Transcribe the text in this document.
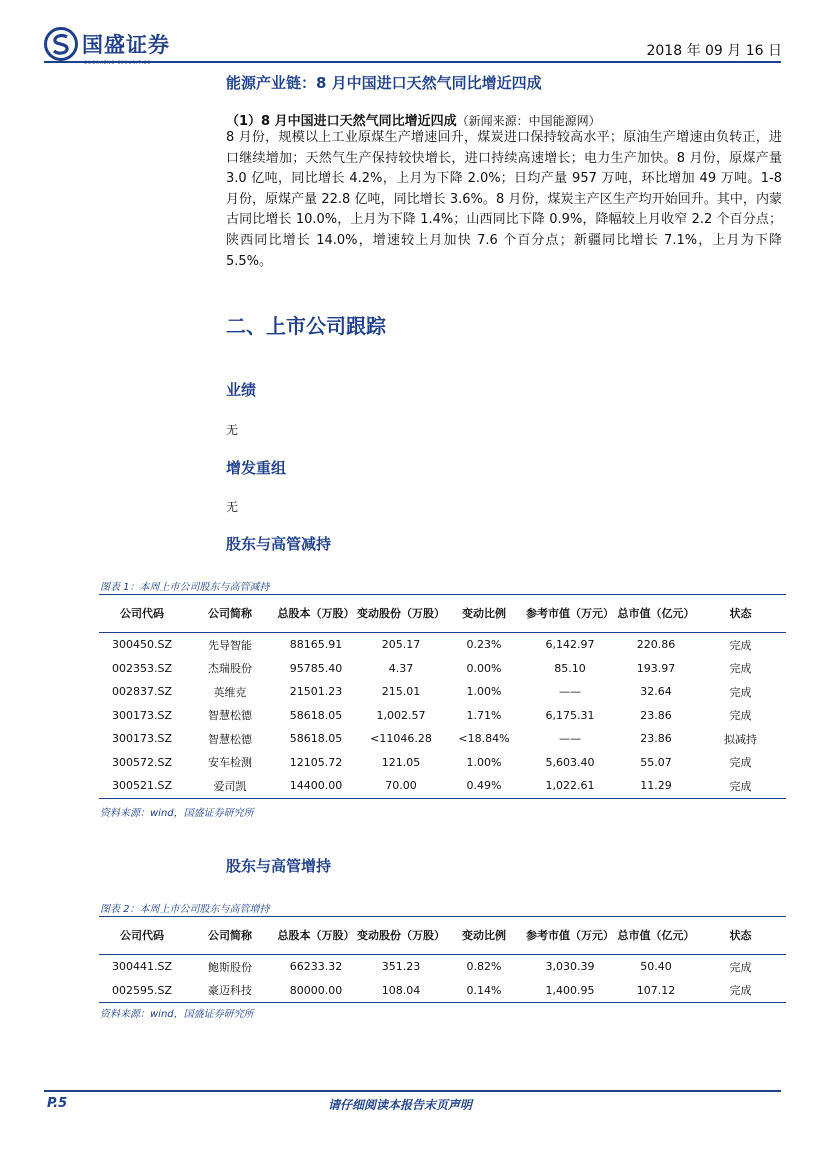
国盛证券	2018 年 09 月 16 日
能源产业链：8 月中国进口天然气同比增近四成
（1）8 月中国进口天然气同比增近四成（新闻来源：中国能源网）

8 月份，规模以上工业原煤生产增速回升，煤炭进口保持较高水平；原油生产增速由负转正，进口继续增加；天然气生产保持较快增长，进口持续高速增长；电力生产加快。8 月份，原煤产量 3.0 亿吨，同比增长 4.2%，上月为下降 2.0%；日均产量 957 万吨，环比增加 49 万吨。1-8 月份，原煤产量 22.8 亿吨，同比增长 3.6%。8 月份，煤炭主产区生产均开始回升。其中，内蒙古同比增长 10.0%，上月为下降 1.4%；山西同比下降 0.9%，降幅较上月收窄 2.2 个百分点；陕西同比增长 14.0%，增速较上月加快 7.6 个百分点；新疆同比增长 7.1%，上月为下降 5.5%。

二、上市公司跟踪
业绩
无
增发重组
无
股东与高管减持
图表 1：本周上市公司股东与高管减持
公司代码	公司简称	总股本（万股）	变动股份（万股）	变动比例	参考市值（万元）	总市值（亿元）	状态
300450.SZ	先导智能	88165.91	205.17	0.23%	6,142.97	220.86	完成
002353.SZ	杰瑞股份	95785.40	4.37	0.00%	85.10	193.97	完成
002837.SZ	英维克	21501.23	215.01	1.00%	——	32.64	完成
300173.SZ	智慧松德	58618.05	1,002.57	1.71%	6,175.31	23.86	完成
300173.SZ	智慧松德	58618.05	<11046.28	<18.84%	——	23.86	拟减持
300572.SZ	安车检测	12105.72	121.05	1.00%	5,603.40	55.07	完成
300521.SZ	爱司凯	14400.00	70.00	0.49%	1,022.61	11.29	完成
资料来源：wind，国盛证券研究所
股东与高管增持
图表 2：本周上市公司股东与高管增持
公司代码	公司简称	总股本（万股）	变动股份（万股）	变动比例	参考市值（万元）	总市值（亿元）	状态
300441.SZ	鲍斯股份	66233.32	351.23	0.82%	3,030.39	50.40	完成
002595.SZ	豪迈科技	80000.00	108.04	0.14%	1,400.95	107.12	完成
资料来源：wind，国盛证券研究所
P.5	请仔细阅读本报告末页声明
